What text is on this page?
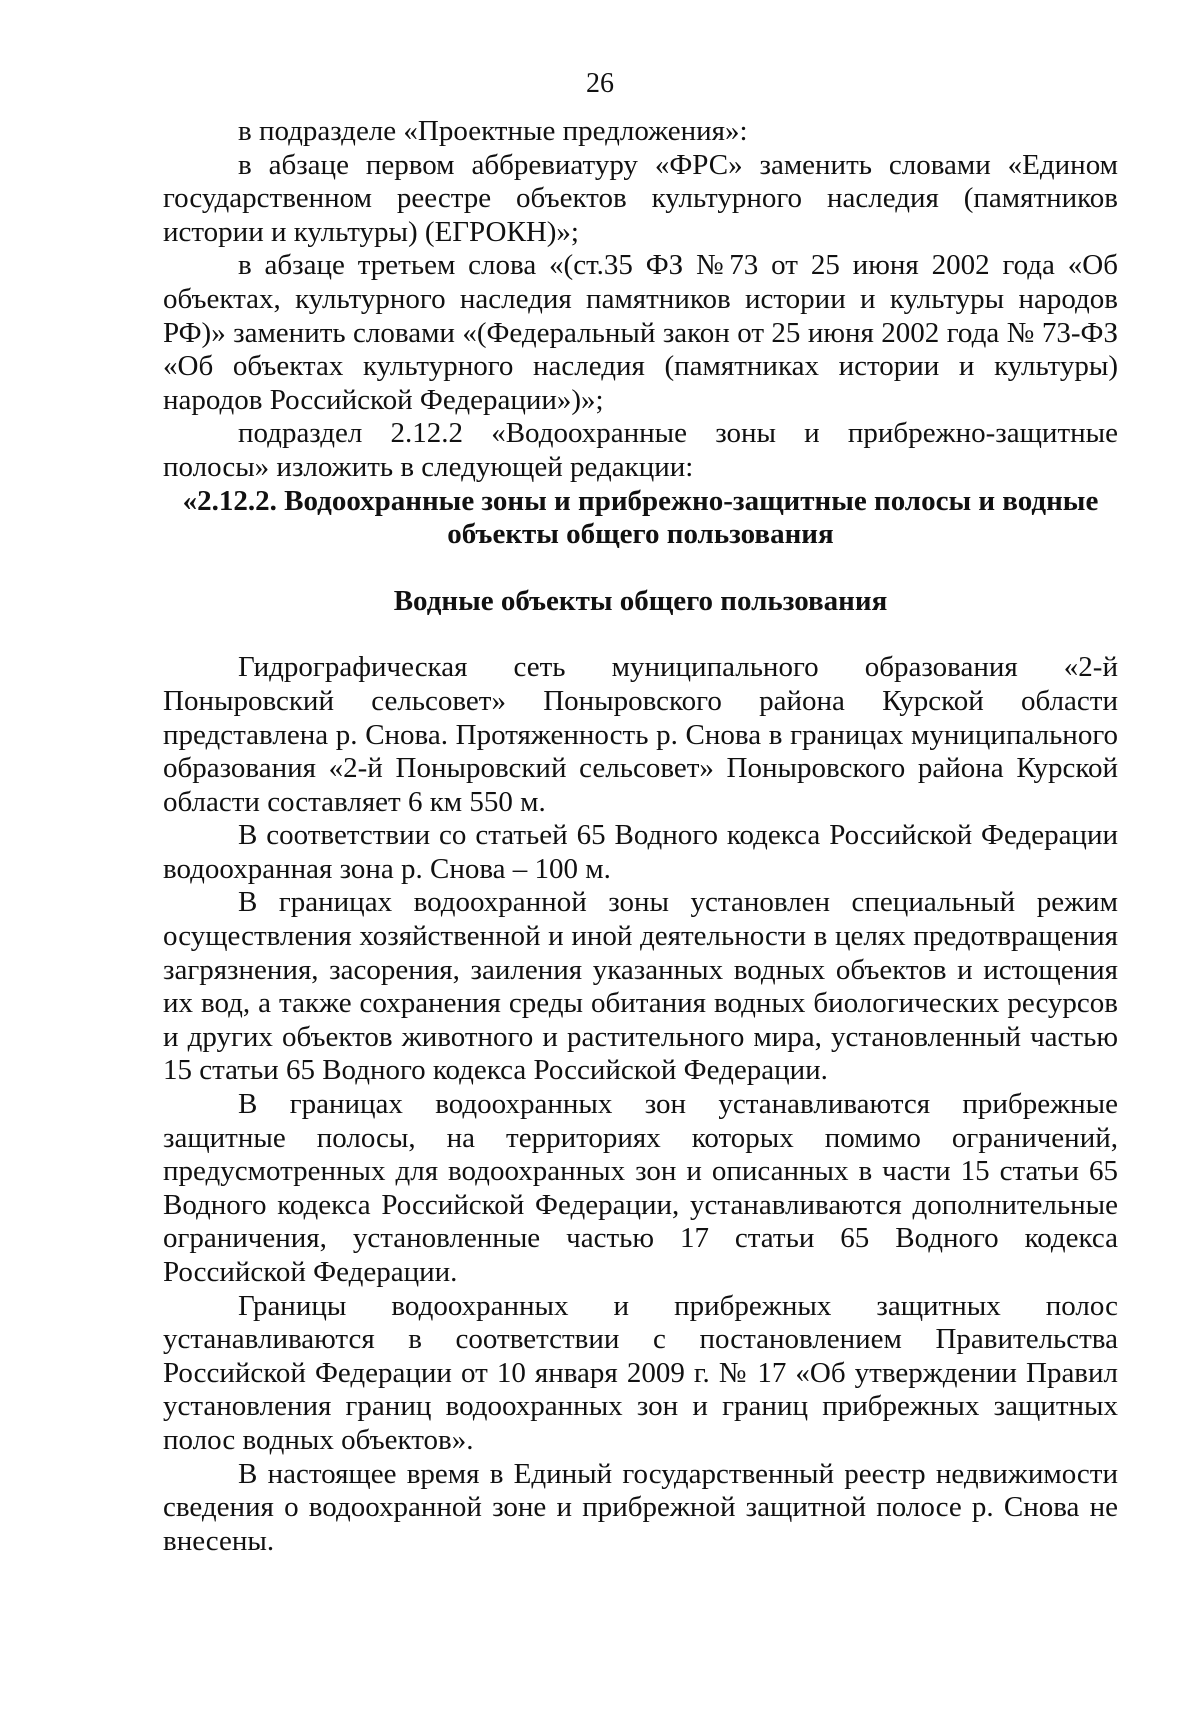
26

в подразделе «Проектные предложения»:

в абзаце первом аббревиатуру «ФРС» заменить словами «Едином государственном реестре объектов культурного наследия (памятников истории и культуры) (ЕГРОКН)»;

в абзаце третьем слова «(ст.35 ФЗ №73 от 25 июня 2002 года «Об объектах, культурного наследия памятников истории и культуры народов РФ)» заменить словами «(Федеральный закон от 25 июня 2002 года № 73-ФЗ «Об объектах культурного наследия (памятниках истории и культуры) народов Российской Федерации»)»;

подраздел 2.12.2 «Водоохранные зоны и прибрежно-защитные полосы» изложить в следующей редакции:

«2.12.2. Водоохранные зоны и прибрежно-защитные полосы и водные объекты общего пользования

Водные объекты общего пользования

Гидрографическая сеть муниципального образования «2-й Поныровский сельсовет» Поныровского района Курской области представлена р. Снова. Протяженность р. Снова в границах муниципального образования «2-й Поныровский сельсовет» Поныровского района Курской области составляет 6 км 550 м.

В соответствии со статьей 65 Водного кодекса Российской Федерации водоохранная зона р. Снова – 100 м.

В границах водоохранной зоны установлен специальный режим осуществления хозяйственной и иной деятельности в целях предотвращения загрязнения, засорения, заиления указанных водных объектов и истощения их вод, а также сохранения среды обитания водных биологических ресурсов и других объектов животного и растительного мира, установленный частью 15 статьи 65 Водного кодекса Российской Федерации.

В границах водоохранных зон устанавливаются прибрежные защитные полосы, на территориях которых помимо ограничений, предусмотренных для водоохранных зон и описанных в части 15 статьи 65 Водного кодекса Российской Федерации, устанавливаются дополнительные ограничения, установленные частью 17 статьи 65 Водного кодекса Российской Федерации.

Границы водоохранных и прибрежных защитных полос устанавливаются в соответствии с постановлением Правительства Российской Федерации от 10 января 2009 г. № 17 «Об утверждении Правил установления границ водоохранных зон и границ прибрежных защитных полос водных объектов».

В настоящее время в Единый государственный реестр недвижимости сведения о водоохранной зоне и прибрежной защитной полосе р. Снова не внесены.
